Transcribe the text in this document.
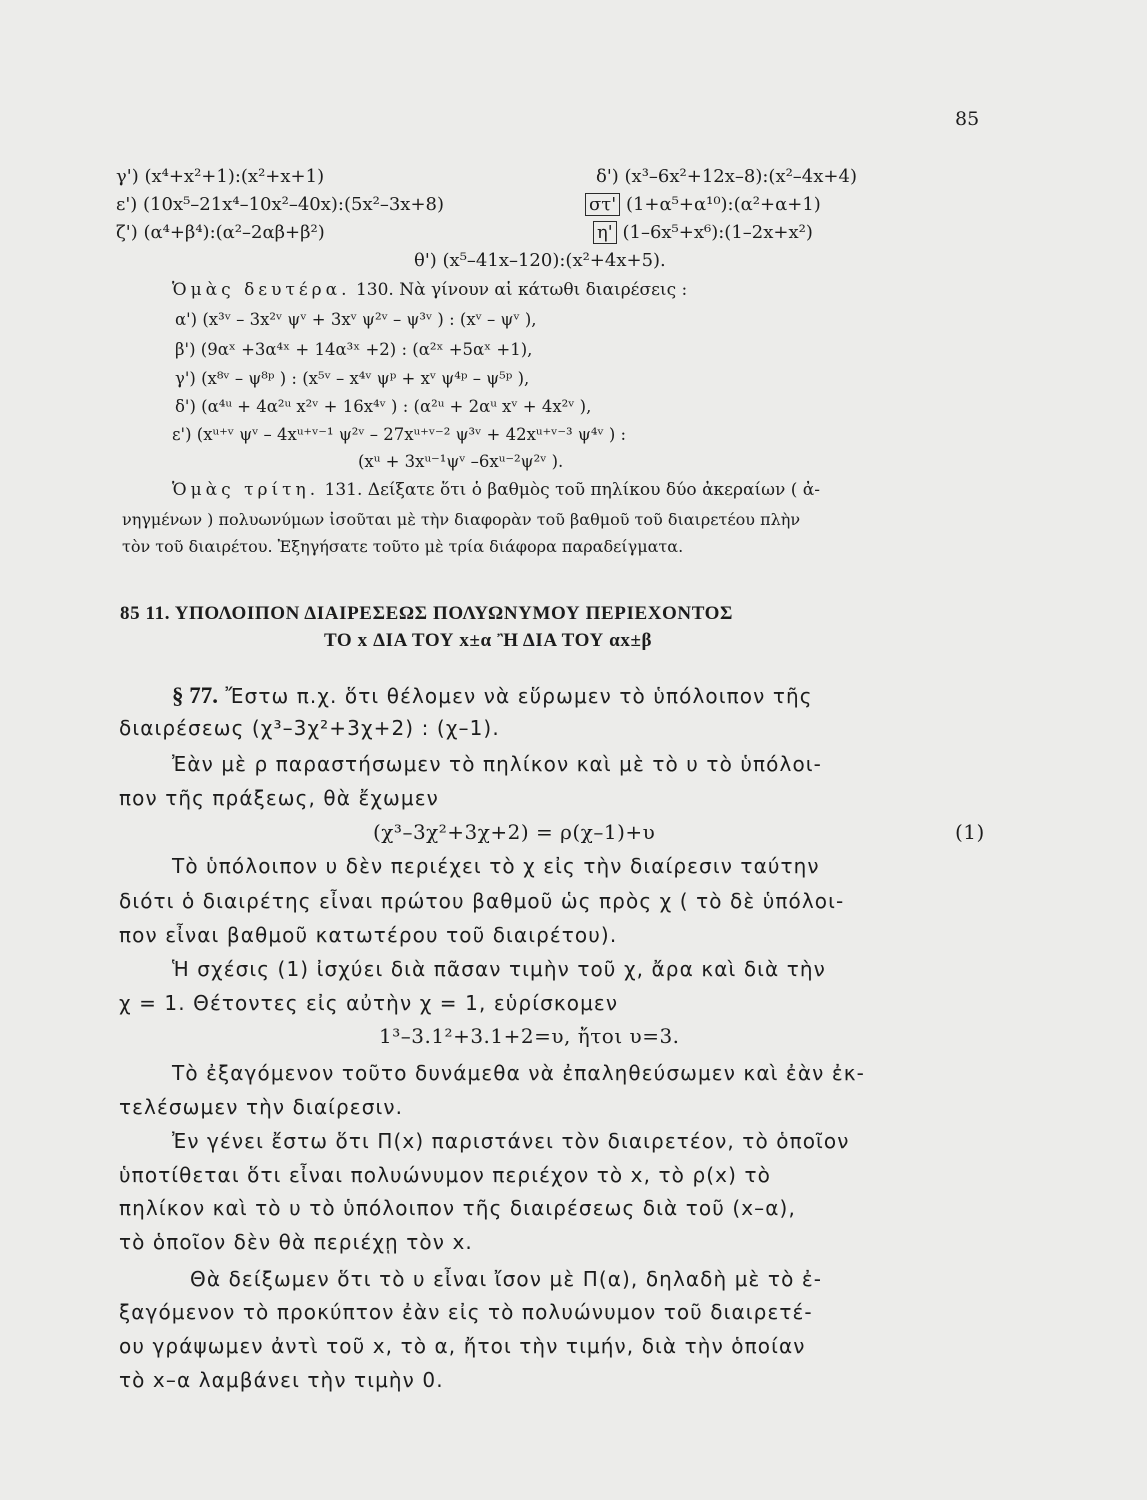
85
γ') (x⁴+x²+1):(x²+x+1)	δ') (x³–6x²+12x–8):(x²–4x+4)
ε') (10x⁵–21x⁴–10x²–40x):(5x²–3x+8)	στ' (1+α⁵+α¹⁰):(α²+α+1)
ζ') (α⁴+β⁴):(α²–2αβ+β²)	η' (1–6x⁵+x⁶):(1–2x+x²)
θ') (x⁵–41x–120):(x²+4x+5).
Ὁμὰς δευτέρα. 130. Νὰ γίνουν αἱ κάτωθι διαιρέσεις :
α') (x³ᵛ – 3x²ᵛ ψᵛ + 3xᵛ ψ²ᵛ – ψ³ᵛ ) : (xᵛ – ψᵛ ),
β') (9αˣ +3α⁴ˣ + 14α³ˣ +2) : (α²ˣ +5αˣ +1),
γ') (x⁸ᵛ – ψ⁸ᵖ ) : (x⁵ᵛ – x⁴ᵛ ψᵖ + xᵛ ψ⁴ᵖ – ψ⁵ᵖ ),
δ') (α⁴ᵘ + 4α²ᵘ x²ᵛ + 16x⁴ᵛ ) : (α²ᵘ + 2αᵘ xᵛ + 4x²ᵛ ),
ε') (xᵘ⁺ᵛ ψᵛ – 4xᵘ⁺ᵛ⁻¹ ψ²ᵛ – 27xᵘ⁺ᵛ⁻² ψ³ᵛ + 42xᵘ⁺ᵛ⁻³ ψ⁴ᵛ ) :
(xᵘ + 3xᵘ⁻¹ψᵛ –6xᵘ⁻²ψ²ᵛ ).
Ὁμὰς τρίτη. 131. Δείξατε ὅτι ὁ βαθμὸς τοῦ πηλίκου δύο ἀκεραίων ( ἀ-
νηγμένων ) πολυωνύμων ἰσοῦται μὲ τὴν διαφορὰν τοῦ βαθμοῦ τοῦ διαιρετέου πλὴν
τὸν τοῦ διαιρέτου. Ἐξηγήσατε τοῦτο μὲ τρία διάφορα παραδείγματα.
85 11. ΥΠΟΛΟΙΠΟΝ ΔΙΑΙΡΕΣΕΩΣ ΠΟΛΥΩΝΥΜΟΥ ΠΕΡΙΕΧΟΝΤΟΣ
ΤΟ x ΔΙΑ ΤΟΥ x±α Ἢ ΔΙΑ ΤΟΥ αx±β
§ 77. Ἔστω π.χ. ὅτι θέλομεν νὰ εὕρωμεν τὸ ὑπόλοιπον τῆς
διαιρέσεως (χ³–3χ²+3χ+2) : (χ–1).
Ἐὰν μὲ ρ παραστήσωμεν τὸ πηλίκον καὶ μὲ τὸ υ τὸ ὑπόλοι-
πον τῆς πράξεως, θὰ ἔχωμεν
(χ³–3χ²+3χ+2) = ρ(χ–1)+υ	(1)
Τὸ ὑπόλοιπον υ δὲν περιέχει τὸ χ εἰς τὴν διαίρεσιν ταύτην
διότι ὁ διαιρέτης εἶναι πρώτου βαθμοῦ ὡς πρὸς χ ( τὸ δὲ ὑπόλοι-
πον εἶναι βαθμοῦ κατωτέρου τοῦ διαιρέτου).
Ἡ σχέσις (1) ἰσχύει διὰ πᾶσαν τιμὴν τοῦ χ, ἄρα καὶ διὰ τὴν
χ = 1. Θέτοντες εἰς αὐτὴν χ = 1, εὑρίσκομεν
1³–3.1²+3.1+2=υ, ἤτοι υ=3.
Τὸ ἐξαγόμενον τοῦτο δυνάμεθα νὰ ἐπαληθεύσωμεν καὶ ἐὰν ἐκ-
τελέσωμεν τὴν διαίρεσιν.
Ἐν γένει ἔστω ὅτι Π(x) παριστάνει τὸν διαιρετέον, τὸ ὁποῖον
ὑποτίθεται ὅτι εἶναι πολυώνυμον περιέχον τὸ x, τὸ ρ(x) τὸ
πηλίκον καὶ τὸ υ τὸ ὑπόλοιπον τῆς διαιρέσεως διὰ τοῦ (x–α),
τὸ ὁποῖον δὲν θὰ περιέχῃ τὸν x.
Θὰ δείξωμεν ὅτι τὸ υ εἶναι ἴσον μὲ Π(α), δηλαδὴ μὲ τὸ ἐ-
ξαγόμενον τὸ προκύπτον ἐὰν εἰς τὸ πολυώνυμον τοῦ διαιρετέ-
ου γράψωμεν ἀντὶ τοῦ x, τὸ α, ἤτοι τὴν τιμήν, διὰ τὴν ὁποίαν
τὸ x–α λαμβάνει τὴν τιμὴν 0.
